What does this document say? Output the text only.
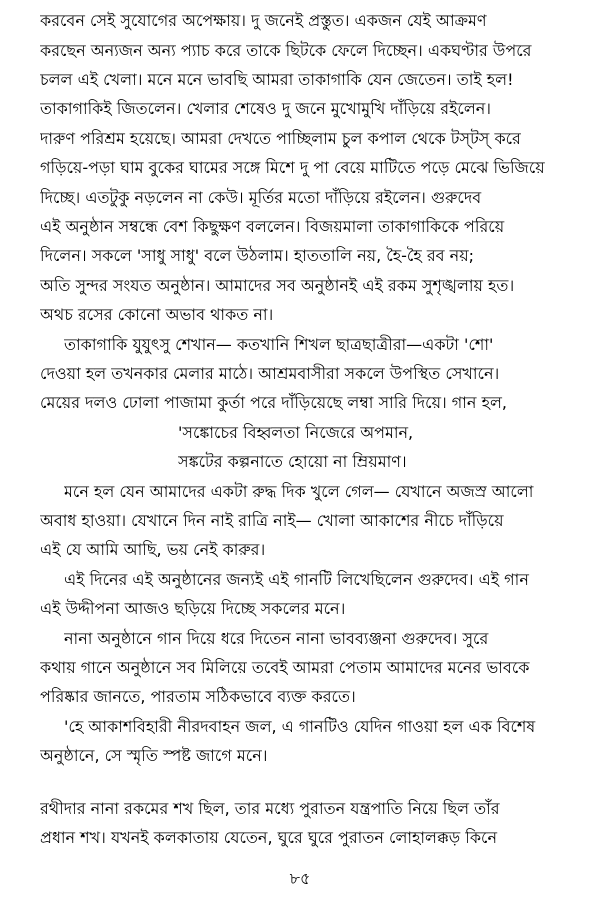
করবেন সেই সুযোগের অপেক্ষায়। দু জনেই প্রস্তুত। একজন যেই আক্রমণ
করছেন অন্যজন অন্য প্যাচ করে তাকে ছিটকে ফেলে দিচ্ছেন। একঘণ্টার উপরে
চলল এই খেলা। মনে মনে ভাবছি আমরা তাকাগাকি যেন জেতেন। তাই হল!
তাকাগাকিই জিতলেন। খেলার শেষেও দু জনে মুখোমুখি দাঁড়িয়ে রইলেন।
দারুণ পরিশ্রম হয়েছে। আমরা দেখতে পাচ্ছিলাম চুল কপাল থেকে টস্‌টস্‌ করে
গড়িয়ে-পড়া ঘাম বুকের ঘামের সঙ্গে মিশে দু পা বেয়ে মাটিতে পড়ে মেঝে ভিজিয়ে
দিচ্ছে। এতটুকু নড়লেন না কেউ। মূর্তির মতো দাঁড়িয়ে রইলেন। গুরুদেব
এই অনুষ্ঠান সম্বন্ধে বেশ কিছুক্ষণ বললেন। বিজয়মালা তাকাগাকিকে পরিয়ে
দিলেন। সকলে 'সাধু সাধু' বলে উঠলাম। হাততালি নয়, হৈ-হৈ রব নয়;
অতি সুন্দর সংযত অনুষ্ঠান। আমাদের সব অনুষ্ঠানই এই রকম সুশৃঙ্খলায় হত।
অথচ রসের কোনো অভাব থাকত না।
তাকাগাকি যুযুৎসু শেখান— কতখানি শিখল ছাত্রছাত্রীরা—একটা 'শো'
দেওয়া হল তখনকার মেলার মাঠে। আশ্রমবাসীরা সকলে উপস্থিত সেখানে।
মেয়ের দলও ঢোলা পাজামা কুর্তা পরে দাঁড়িয়েছে লম্বা সারি দিয়ে। গান হল,
'সঙ্কোচের বিহ্বলতা নিজেরে অপমান,
সঙ্কটের কল্পনাতে হোয়ো না ম্রিয়মাণ।
মনে হল যেন আমাদের একটা রুদ্ধ দিক খুলে গেল— যেখানে অজস্র আলো
অবাধ হাওয়া। যেখানে দিন নাই রাত্রি নাই— খোলা আকাশের নীচে দাঁড়িয়ে
এই যে আমি আছি, ভয় নেই কারুর।
এই দিনের এই অনুষ্ঠানের জন্যই এই গানটি লিখেছিলেন গুরুদেব। এই গান
এই উদ্দীপনা আজও ছড়িয়ে দিচ্ছে সকলের মনে।
নানা অনুষ্ঠানে গান দিয়ে ধরে দিতেন নানা ভাবব্যঞ্জনা গুরুদেব। সুরে
কথায় গানে অনুষ্ঠানে সব মিলিয়ে তবেই আমরা পেতাম আমাদের মনের ভাবকে
পরিষ্কার জানতে, পারতাম সঠিকভাবে ব্যক্ত করতে।
'হে আকাশবিহারী নীরদবাহন জল, এ গানটিও যেদিন গাওয়া হল এক বিশেষ
অনুষ্ঠানে, সে স্মৃতি স্পষ্ট জাগে মনে।
রথীদার নানা রকমের শখ ছিল, তার মধ্যে পুরাতন যন্ত্রপাতি নিয়ে ছিল তাঁর
প্রধান শখ। যখনই কলকাতায় যেতেন, ঘুরে ঘুরে পুরাতন লোহালক্কড় কিনে
৮৫
